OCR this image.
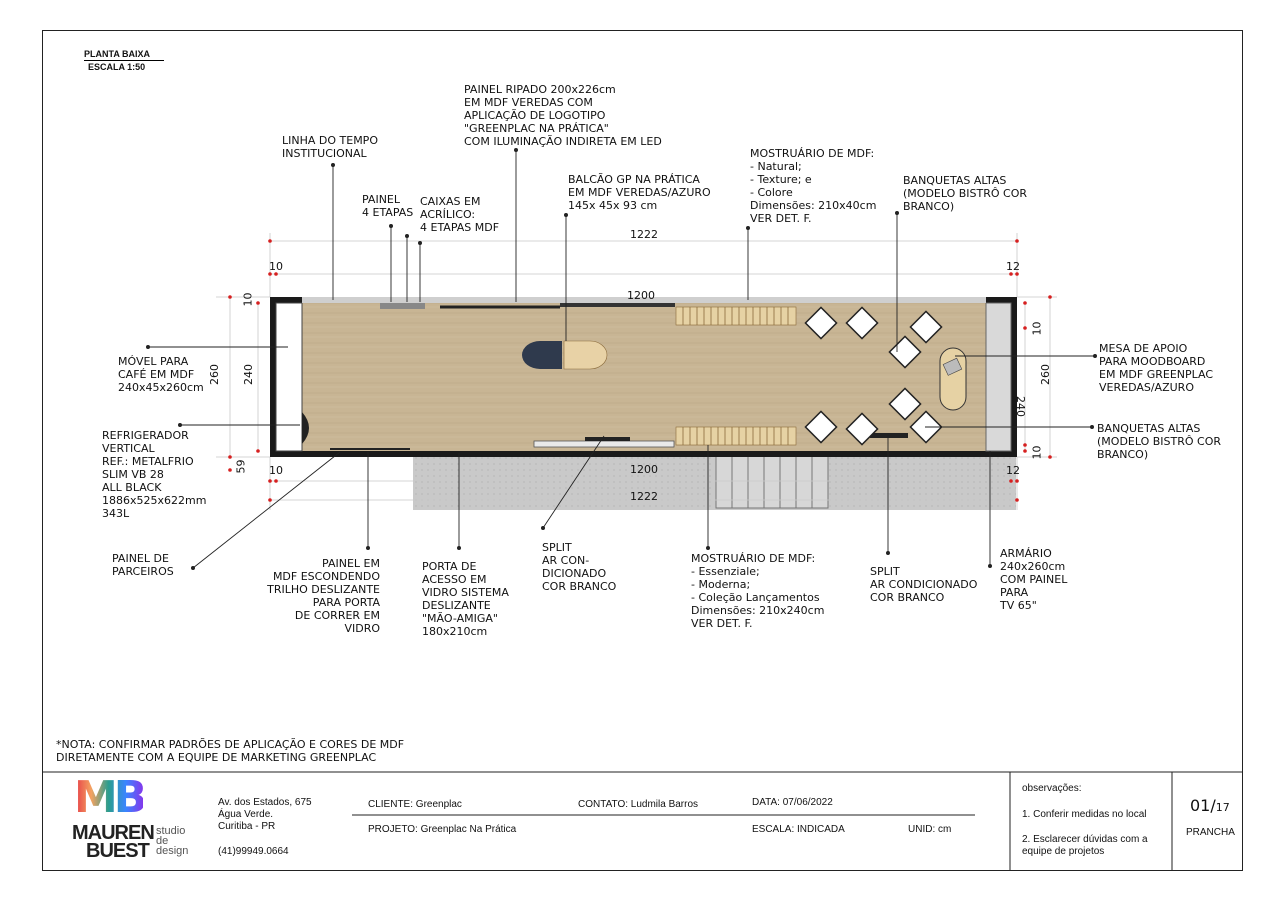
PLANTA BAIXA
ESCALA 1:50
1222
1200
10	12
260 240
10
59 10	1200
1222
12
10
260
240
10
LINHA DO TEMPO
INSTITUCIONAL
PAINEL RIPADO 200x226cm
EM MDF VEREDAS COM
APLICAÇÃO DE LOGOTIPO
"GREENPLAC NA PRÁTICA"
COM ILUMINAÇÃO INDIRETA EM LED
PAINEL
4 ETAPAS
CAIXAS EM
ACRÍLICO:
4 ETAPAS MDF
BALCÃO GP NA PRÁTICA
EM MDF VEREDAS/AZURO
145x 45x 93 cm
MOSTRUÁRIO DE MDF:
- Natural;
- Texture; e
- Colore
Dimensões: 210x40cm
VER DET. F.
BANQUETAS ALTAS
(MODELO BISTRÔ COR
BRANCO)
MÓVEL PARA
CAFÉ EM MDF
240x45x260cm
REFRIGERADOR
VERTICAL
REF.: METALFRIO
SLIM VB 28
ALL BLACK
1886x525x622mm
343L
MESA DE APOIO
PARA MOODBOARD
EM MDF GREENPLAC
VEREDAS/AZURO
BANQUETAS ALTAS
(MODELO BISTRÔ COR
BRANCO)
PAINEL DE
PARCEIROS
PAINEL EM
MDF ESCONDENDO
TRILHO DESLIZANTE
PARA PORTA
DE CORRER EM
VIDRO
PORTA DE
ACESSO EM
VIDRO SISTEMA
DESLIZANTE
"MÃO-AMIGA"
180x210cm
SPLIT
AR CON-
DICIONADO
COR BRANCO
MOSTRUÁRIO DE MDF:
- Essenziale;
- Moderna;
- Coleção Lançamentos
Dimensões: 210x240cm
VER DET. F.
SPLIT
AR CONDICIONADO
COR BRANCO
ARMÁRIO
240x260cm
COM PAINEL
PARA
TV 65"
*NOTA: CONFIRMAR PADRÕES DE APLICAÇÃO E CORES DE MDF
DIRETAMENTE COM A EQUIPE DE MARKETING GREENPLAC
MB
MAUREN
BUEST
studio
de
design
Av. dos Estados, 675
Água Verde.
Curitiba - PR
(41)99949.0664
CLIENTE: Greenplac	CONTATO: Ludmila Barros	DATA: 07/06/2022
PROJETO: Greenplac Na Prática	ESCALA: INDICADA	UNID: cm
observações:
1. Conferir medidas no local
2. Esclarecer dúvidas com a
equipe de projetos
01/17
PRANCHA
